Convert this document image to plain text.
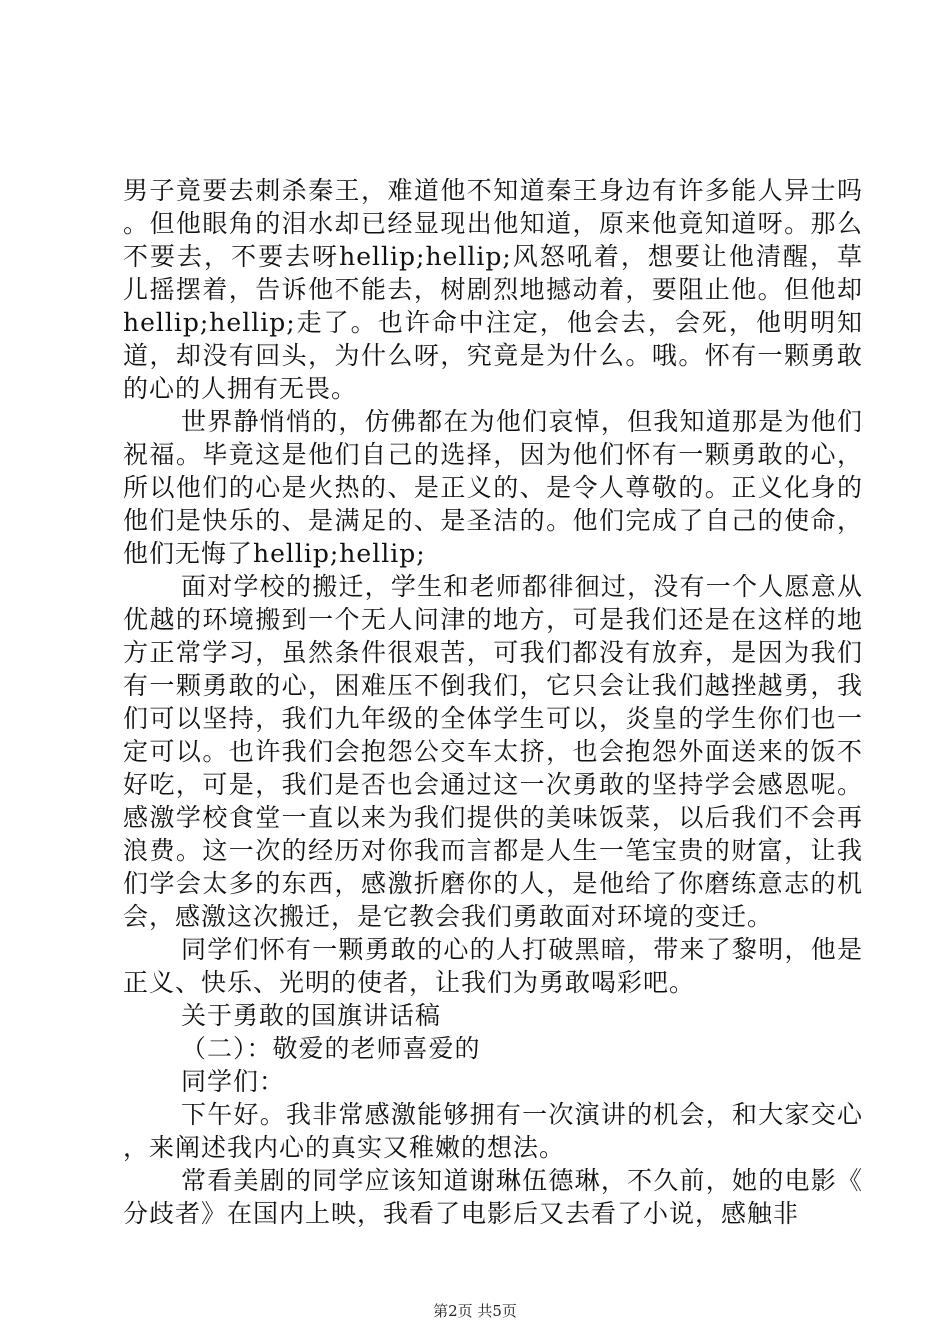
男子竟要去刺杀秦王，难道他不知道秦王身边有许多能人异士吗。但他眼角的泪水却已经显现出他知道，原来他竟知道呀。那么不要去，不要去呀hellip;hellip;风怒吼着，想要让他清醒，草儿摇摆着，告诉他不能去，树剧烈地撼动着，要阻止他。但他却hellip;hellip;走了。也许命中注定，他会去，会死，他明明知道，却没有回头，为什么呀，究竟是为什么。哦。怀有一颗勇敢的心的人拥有无畏。

世界静悄悄的，仿佛都在为他们哀悼，但我知道那是为他们祝福。毕竟这是他们自己的选择，因为他们怀有一颗勇敢的心，所以他们的心是火热的、是正义的、是令人尊敬的。正义化身的他们是快乐的、是满足的、是圣洁的。他们完成了自己的使命，他们无悔了hellip;hellip;

面对学校的搬迁，学生和老师都徘徊过，没有一个人愿意从优越的环境搬到一个无人问津的地方，可是我们还是在这样的地方正常学习，虽然条件很艰苦，可我们都没有放弃，是因为我们有一颗勇敢的心，困难压不倒我们，它只会让我们越挫越勇，我们可以坚持，我们九年级的全体学生可以，炎皇的学生你们也一定可以。也许我们会抱怨公交车太挤，也会抱怨外面送来的饭不好吃，可是，我们是否也会通过这一次勇敢的坚持学会感恩呢。感激学校食堂一直以来为我们提供的美味饭菜，以后我们不会再浪费。这一次的经历对你我而言都是人生一笔宝贵的财富，让我们学会太多的东西，感激折磨你的人，是他给了你磨练意志的机会，感激这次搬迁，是它教会我们勇敢面对环境的变迁。

同学们怀有一颗勇敢的心的人打破黑暗，带来了黎明，他是正义、快乐、光明的使者，让我们为勇敢喝彩吧。

关于勇敢的国旗讲话稿

（二）：敬爱的老师喜爱的

同学们：

下午好。我非常感激能够拥有一次演讲的机会，和大家交心，来阐述我内心的真实又稚嫩的想法。

常看美剧的同学应该知道谢琳伍德琳，不久前，她的电影《分歧者》在国内上映，我看了电影后又去看了小说，感触非

第2页 共5页
